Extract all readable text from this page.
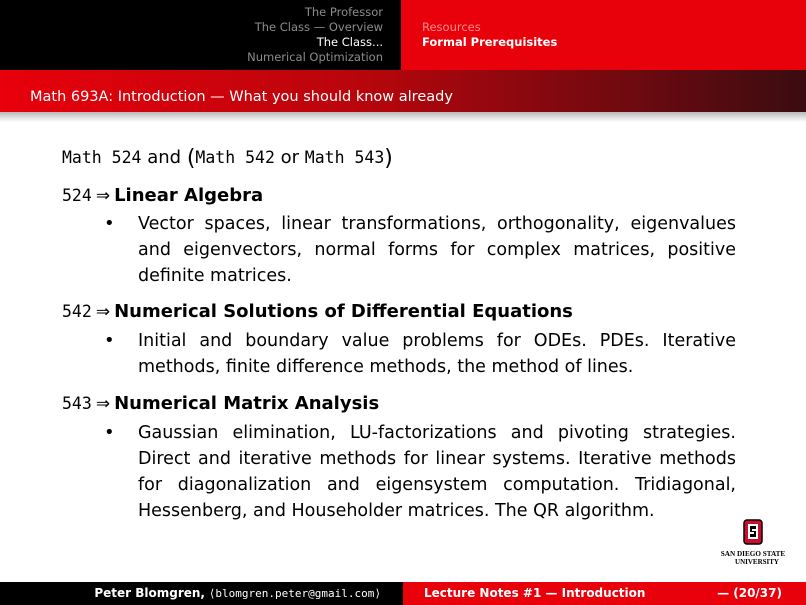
The Professor
The Class — Overview
The Class...
Numerical Optimization
Resources
Formal Prerequisites
Math 693A: Introduction — What you should know already
Math 524 and (Math 542 or Math 543)
524 ⇒ Linear Algebra
• Vector spaces, linear transformations, orthogonality, eigenvalues and eigenvectors, normal forms for complex matrices, positive definite matrices.
542 ⇒ Numerical Solutions of Differential Equations
• Initial and boundary value problems for ODEs. PDEs. Iterative methods, finite difference methods, the method of lines.
543 ⇒ Numerical Matrix Analysis
• Gaussian elimination, LU-factorizations and pivoting strategies. Direct and iterative methods for linear systems. Iterative methods for diagonalization and eigensystem computation. Tridiagonal, Hessenberg, and Householder matrices. The QR algorithm.
SAN DIEGO STATE
UNIVERSITY
Peter Blomgren, ⟨blomgren.peter@gmail.com⟩	Lecture Notes #1 — Introduction	— (20/37)
